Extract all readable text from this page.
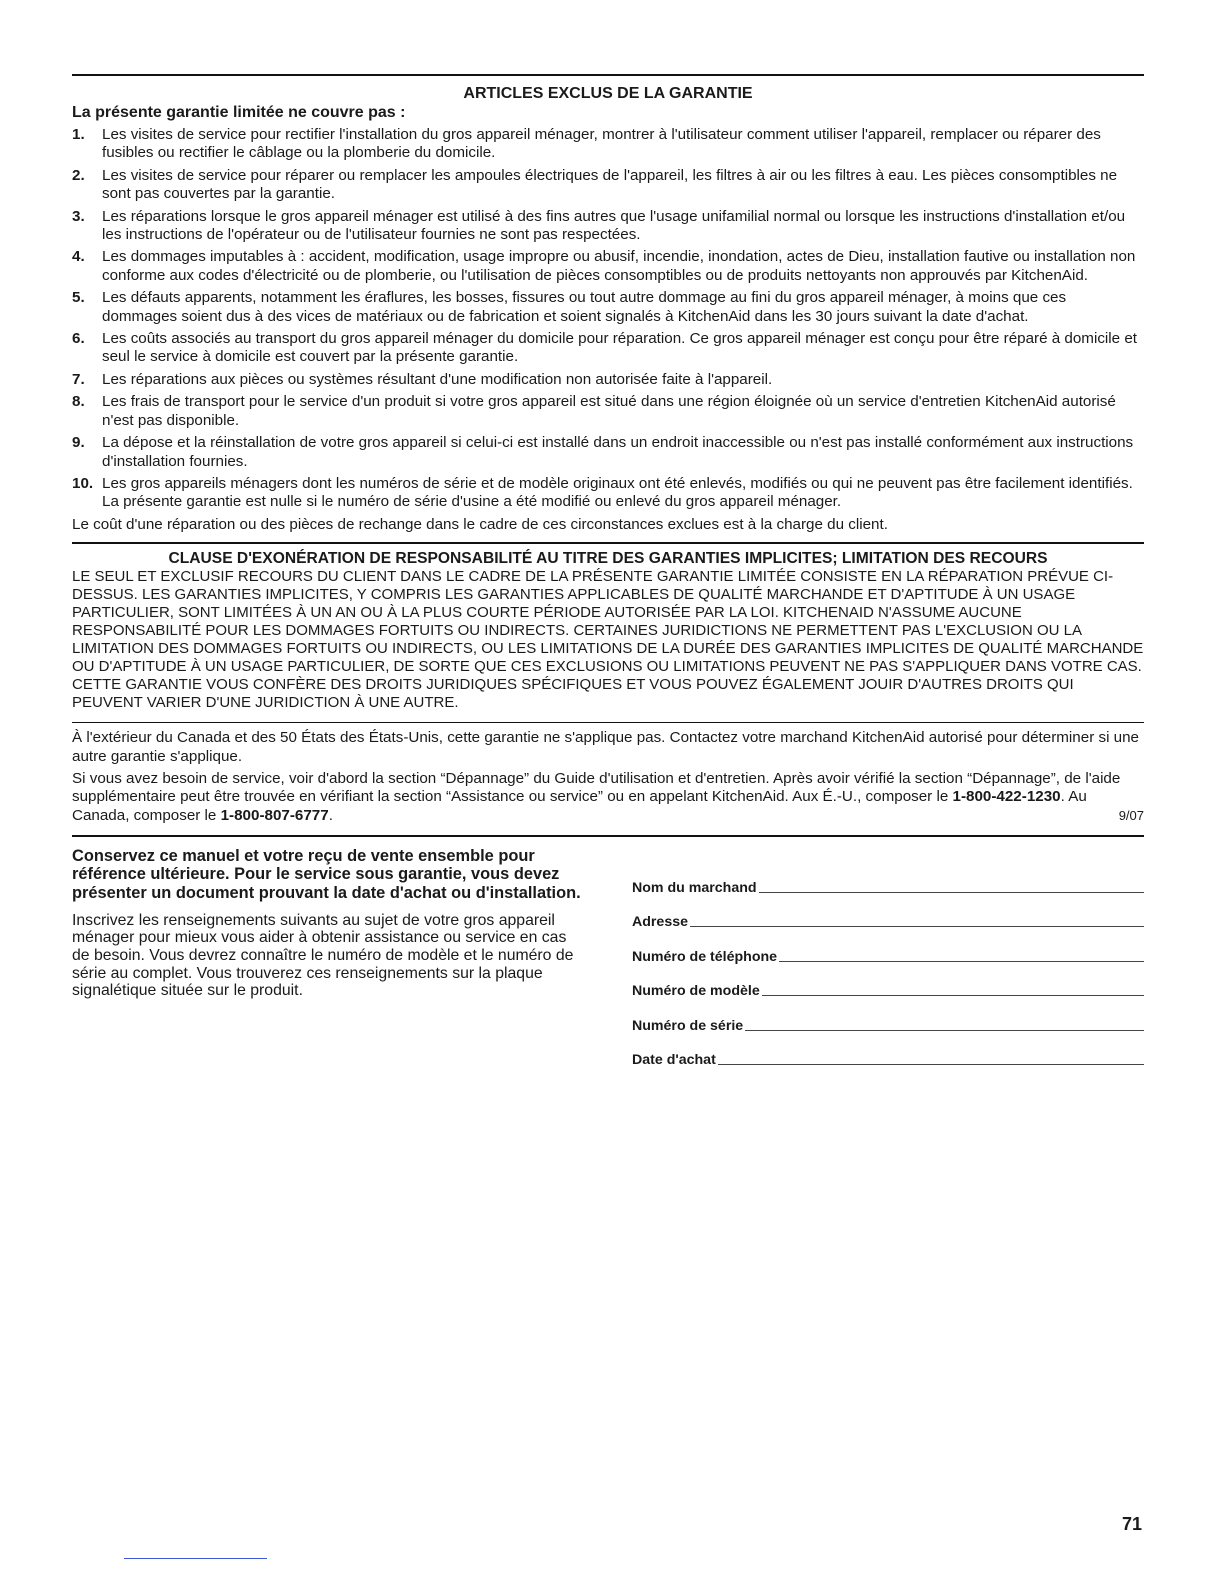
ARTICLES EXCLUS DE LA GARANTIE
La présente garantie limitée ne couvre pas :
1. Les visites de service pour rectifier l'installation du gros appareil ménager, montrer à l'utilisateur comment utiliser l'appareil, remplacer ou réparer des fusibles ou rectifier le câblage ou la plomberie du domicile.
2. Les visites de service pour réparer ou remplacer les ampoules électriques de l'appareil, les filtres à air ou les filtres à eau. Les pièces consomptibles ne sont pas couvertes par la garantie.
3. Les réparations lorsque le gros appareil ménager est utilisé à des fins autres que l'usage unifamilial normal ou lorsque les instructions d'installation et/ou les instructions de l'opérateur ou de l'utilisateur fournies ne sont pas respectées.
4. Les dommages imputables à : accident, modification, usage impropre ou abusif, incendie, inondation, actes de Dieu, installation fautive ou installation non conforme aux codes d'électricité ou de plomberie, ou l'utilisation de pièces consomptibles ou de produits nettoyants non approuvés par KitchenAid.
5. Les défauts apparents, notamment les éraflures, les bosses, fissures ou tout autre dommage au fini du gros appareil ménager, à moins que ces dommages soient dus à des vices de matériaux ou de fabrication et soient signalés à KitchenAid dans les 30 jours suivant la date d'achat.
6. Les coûts associés au transport du gros appareil ménager du domicile pour réparation. Ce gros appareil ménager est conçu pour être réparé à domicile et seul le service à domicile est couvert par la présente garantie.
7. Les réparations aux pièces ou systèmes résultant d'une modification non autorisée faite à l'appareil.
8. Les frais de transport pour le service d'un produit si votre gros appareil est situé dans une région éloignée où un service d'entretien KitchenAid autorisé n'est pas disponible.
9. La dépose et la réinstallation de votre gros appareil si celui-ci est installé dans un endroit inaccessible ou n'est pas installé conformément aux instructions d'installation fournies.
10. Les gros appareils ménagers dont les numéros de série et de modèle originaux ont été enlevés, modifiés ou qui ne peuvent pas être facilement identifiés. La présente garantie est nulle si le numéro de série d'usine a été modifié ou enlevé du gros appareil ménager.

Le coût d'une réparation ou des pièces de rechange dans le cadre de ces circonstances exclues est à la charge du client.

CLAUSE D'EXONÉRATION DE RESPONSABILITÉ AU TITRE DES GARANTIES IMPLICITES; LIMITATION DES RECOURS

LE SEUL ET EXCLUSIF RECOURS DU CLIENT DANS LE CADRE DE LA PRÉSENTE GARANTIE LIMITÉE CONSISTE EN LA RÉPARATION PRÉVUE CI-DESSUS. LES GARANTIES IMPLICITES, Y COMPRIS LES GARANTIES APPLICABLES DE QUALITÉ MARCHANDE ET D'APTITUDE À UN USAGE PARTICULIER, SONT LIMITÉES À UN AN OU À LA PLUS COURTE PÉRIODE AUTORISÉE PAR LA LOI. KITCHENAID N'ASSUME AUCUNE RESPONSABILITÉ POUR LES DOMMAGES FORTUITS OU INDIRECTS. CERTAINES JURIDICTIONS NE PERMETTENT PAS L'EXCLUSION OU LA LIMITATION DES DOMMAGES FORTUITS OU INDIRECTS, OU LES LIMITATIONS DE LA DURÉE DES GARANTIES IMPLICITES DE QUALITÉ MARCHANDE OU D'APTITUDE À UN USAGE PARTICULIER, DE SORTE QUE CES EXCLUSIONS OU LIMITATIONS PEUVENT NE PAS S'APPLIQUER DANS VOTRE CAS. CETTE GARANTIE VOUS CONFÈRE DES DROITS JURIDIQUES SPÉCIFIQUES ET VOUS POUVEZ ÉGALEMENT JOUIR D'AUTRES DROITS QUI PEUVENT VARIER D'UNE JURIDICTION À UNE AUTRE.

À l'extérieur du Canada et des 50 États des États-Unis, cette garantie ne s'applique pas. Contactez votre marchand KitchenAid autorisé pour déterminer si une autre garantie s'applique.

Si vous avez besoin de service, voir d'abord la section “Dépannage” du Guide d'utilisation et d'entretien. Après avoir vérifié la section “Dépannage”, de l'aide supplémentaire peut être trouvée en vérifiant la section “Assistance ou service” ou en appelant KitchenAid. Aux É.-U., composer le 1-800-422-1230. Au Canada, composer le 1-800-807-6777.	9/07

Conservez ce manuel et votre reçu de vente ensemble pour référence ultérieure. Pour le service sous garantie, vous devez présenter un document prouvant la date d'achat ou d'installation.

Inscrivez les renseignements suivants au sujet de votre gros appareil ménager pour mieux vous aider à obtenir assistance ou service en cas de besoin. Vous devrez connaître le numéro de modèle et le numéro de série au complet. Vous trouverez ces renseignements sur la plaque signalétique située sur le produit.

Nom du marchand
Adresse
Numéro de téléphone
Numéro de modèle
Numéro de série
Date d'achat
71
